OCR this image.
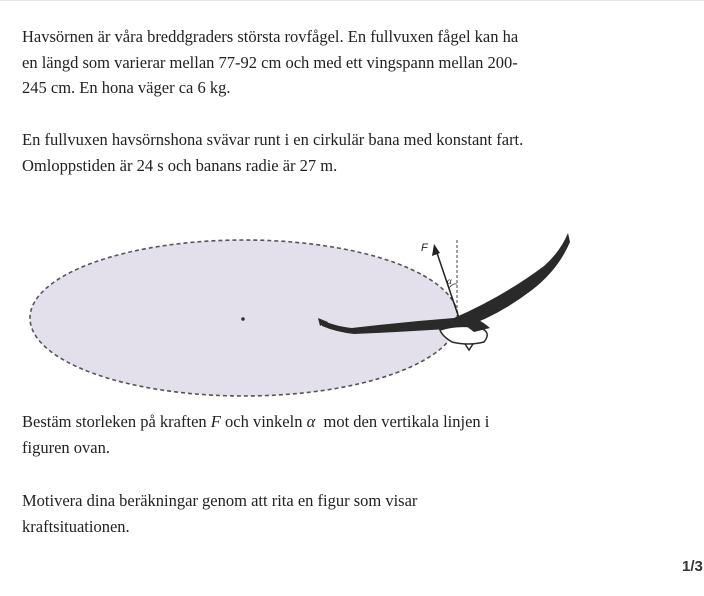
Havsörnen är våra breddgraders största rovfågel. En fullvuxen fågel kan ha
en längd som varierar mellan 77-92 cm och med ett vingspann mellan 200-
245 cm. En hona väger ca 6 kg.

En fullvuxen havsörnshona svävar runt i en cirkulär bana med konstant fart.
Omloppstiden är 24 s och banans radie är 27 m.

F
α

Bestäm storleken på kraften F och vinkeln α  mot den vertikala linjen i
figuren ovan.

Motivera dina beräkningar genom att rita en figur som visar
kraftsituationen.

1/3
